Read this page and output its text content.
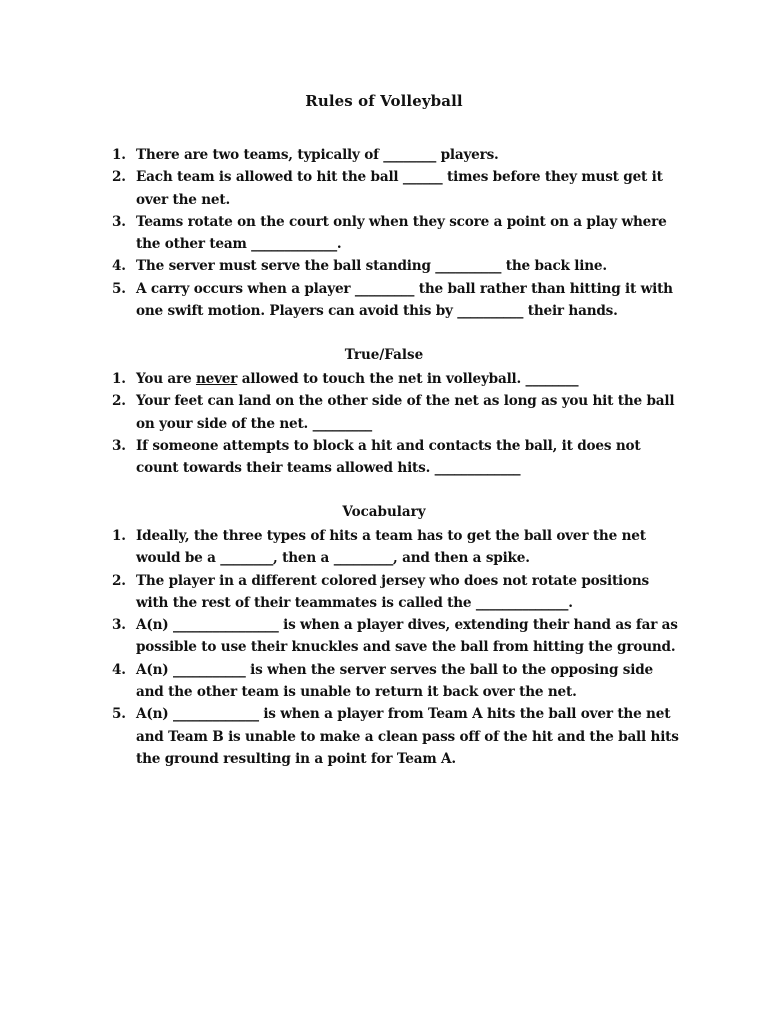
Rules of Volleyball
1. There are two teams, typically of ________ players.
2. Each team is allowed to hit the ball ______ times before they must get it over the net.
3. Teams rotate on the court only when they score a point on a play where the other team _____________.
4. The server must serve the ball standing __________ the back line.
5. A carry occurs when a player _________ the ball rather than hitting it with one swift motion. Players can avoid this by __________ their hands.
True/False
1. You are never allowed to touch the net in volleyball. ________
2. Your feet can land on the other side of the net as long as you hit the ball on your side of the net. _________
3. If someone attempts to block a hit and contacts the ball, it does not count towards their teams allowed hits. _____________
Vocabulary
1. Ideally, the three types of hits a team has to get the ball over the net would be a ________, then a _________, and then a spike.
2. The player in a different colored jersey who does not rotate positions with the rest of their teammates is called the ______________.
3. A(n) ________________ is when a player dives, extending their hand as far as possible to use their knuckles and save the ball from hitting the ground.
4. A(n) ___________ is when the server serves the ball to the opposing side and the other team is unable to return it back over the net.
5. A(n) _____________ is when a player from Team A hits the ball over the net and Team B is unable to make a clean pass off of the hit and the ball hits the ground resulting in a point for Team A.
